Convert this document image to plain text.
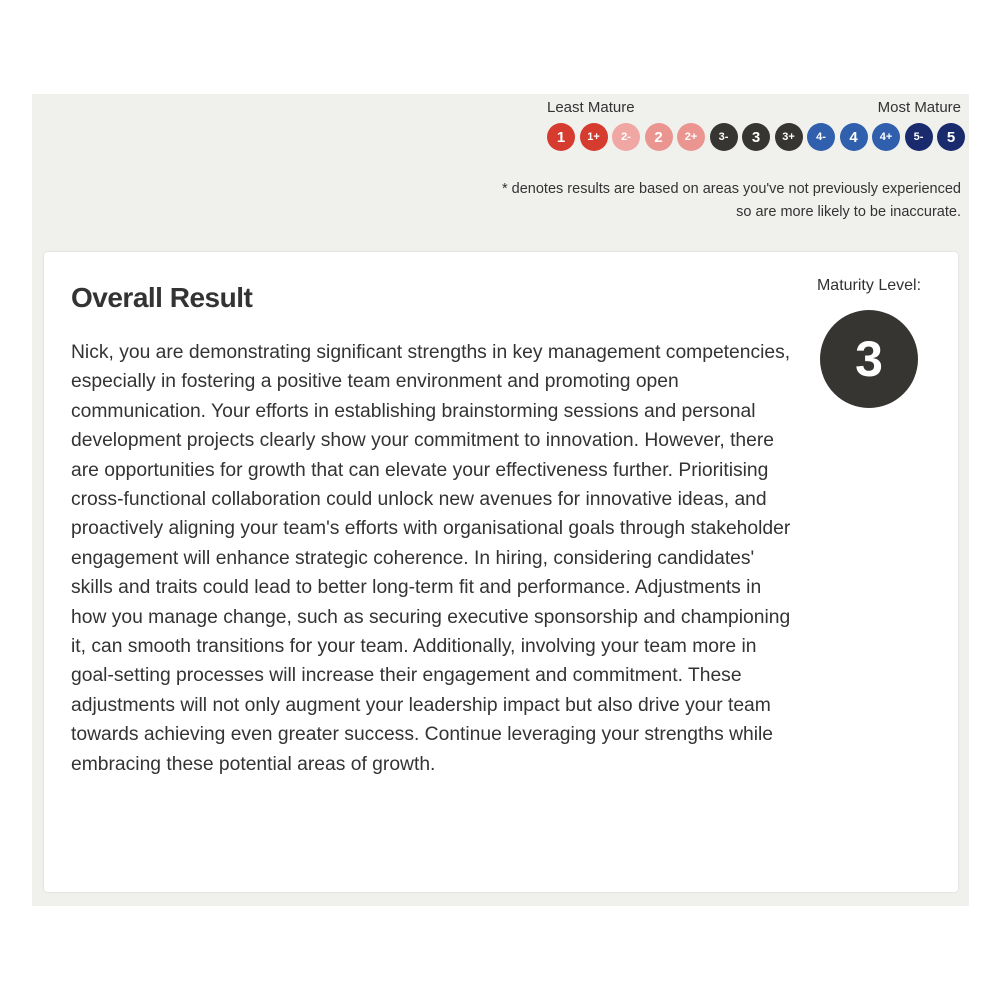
Least Mature	Most Mature
1	1+	2-	2	2+	3-	3	3+	4-	4	4+	5-	5
* denotes results are based on areas you've not previously experienced so are more likely to be inaccurate.
Overall Result

Nick, you are demonstrating significant strengths in key management competencies, especially in fostering a positive team environment and promoting open communication. Your efforts in establishing brainstorming sessions and personal development projects clearly show your commitment to innovation. However, there are opportunities for growth that can elevate your effectiveness further. Prioritising cross-functional collaboration could unlock new avenues for innovative ideas, and proactively aligning your team's efforts with organisational goals through stakeholder engagement will enhance strategic coherence. In hiring, considering candidates' skills and traits could lead to better long-term fit and performance. Adjustments in how you manage change, such as securing executive sponsorship and championing it, can smooth transitions for your team. Additionally, involving your team more in goal-setting processes will increase their engagement and commitment. These adjustments will not only augment your leadership impact but also drive your team towards achieving even greater success. Continue leveraging your strengths while embracing these potential areas of growth.

Maturity Level:
3
